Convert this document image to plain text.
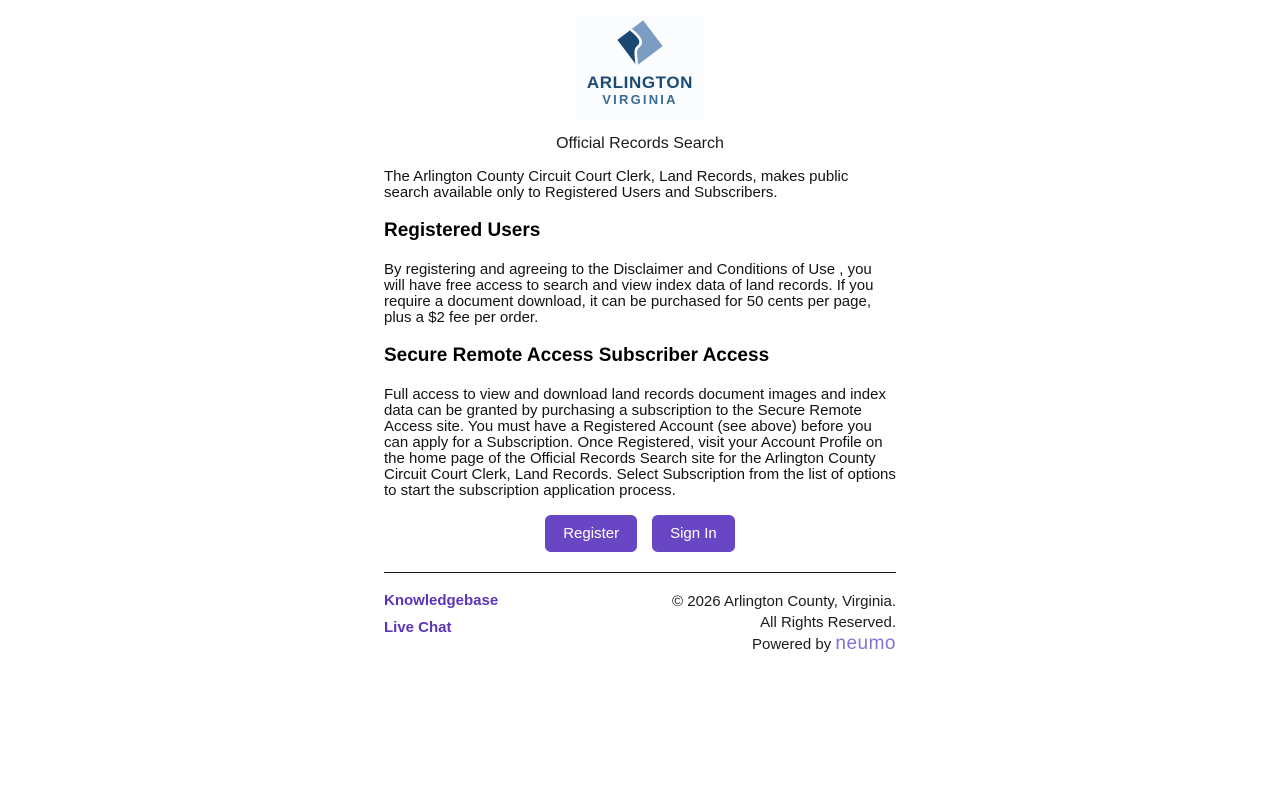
ARLINGTON
VIRGINIA
Official Records Search

The Arlington County Circuit Court Clerk, Land Records, makes public search available only to Registered Users and Subscribers.

Registered Users

By registering and agreeing to the Disclaimer and Conditions of Use , you will have free access to search and view index data of land records. If you require a document download, it can be purchased for 50 cents per page, plus a $2 fee per order.

Secure Remote Access Subscriber Access

Full access to view and download land records document images and index data can be granted by purchasing a subscription to the Secure Remote Access site. You must have a Registered Account (see above) before you can apply for a Subscription. Once Registered, visit your Account Profile on the home page of the Official Records Search site for the Arlington County Circuit Court Clerk, Land Records. Select Subscription from the list of options to start the subscription application process.

Register	Sign In
Knowledgebase
Live Chat
© 2026 Arlington County, Virginia.
All Rights Reserved.
Powered by neumo
